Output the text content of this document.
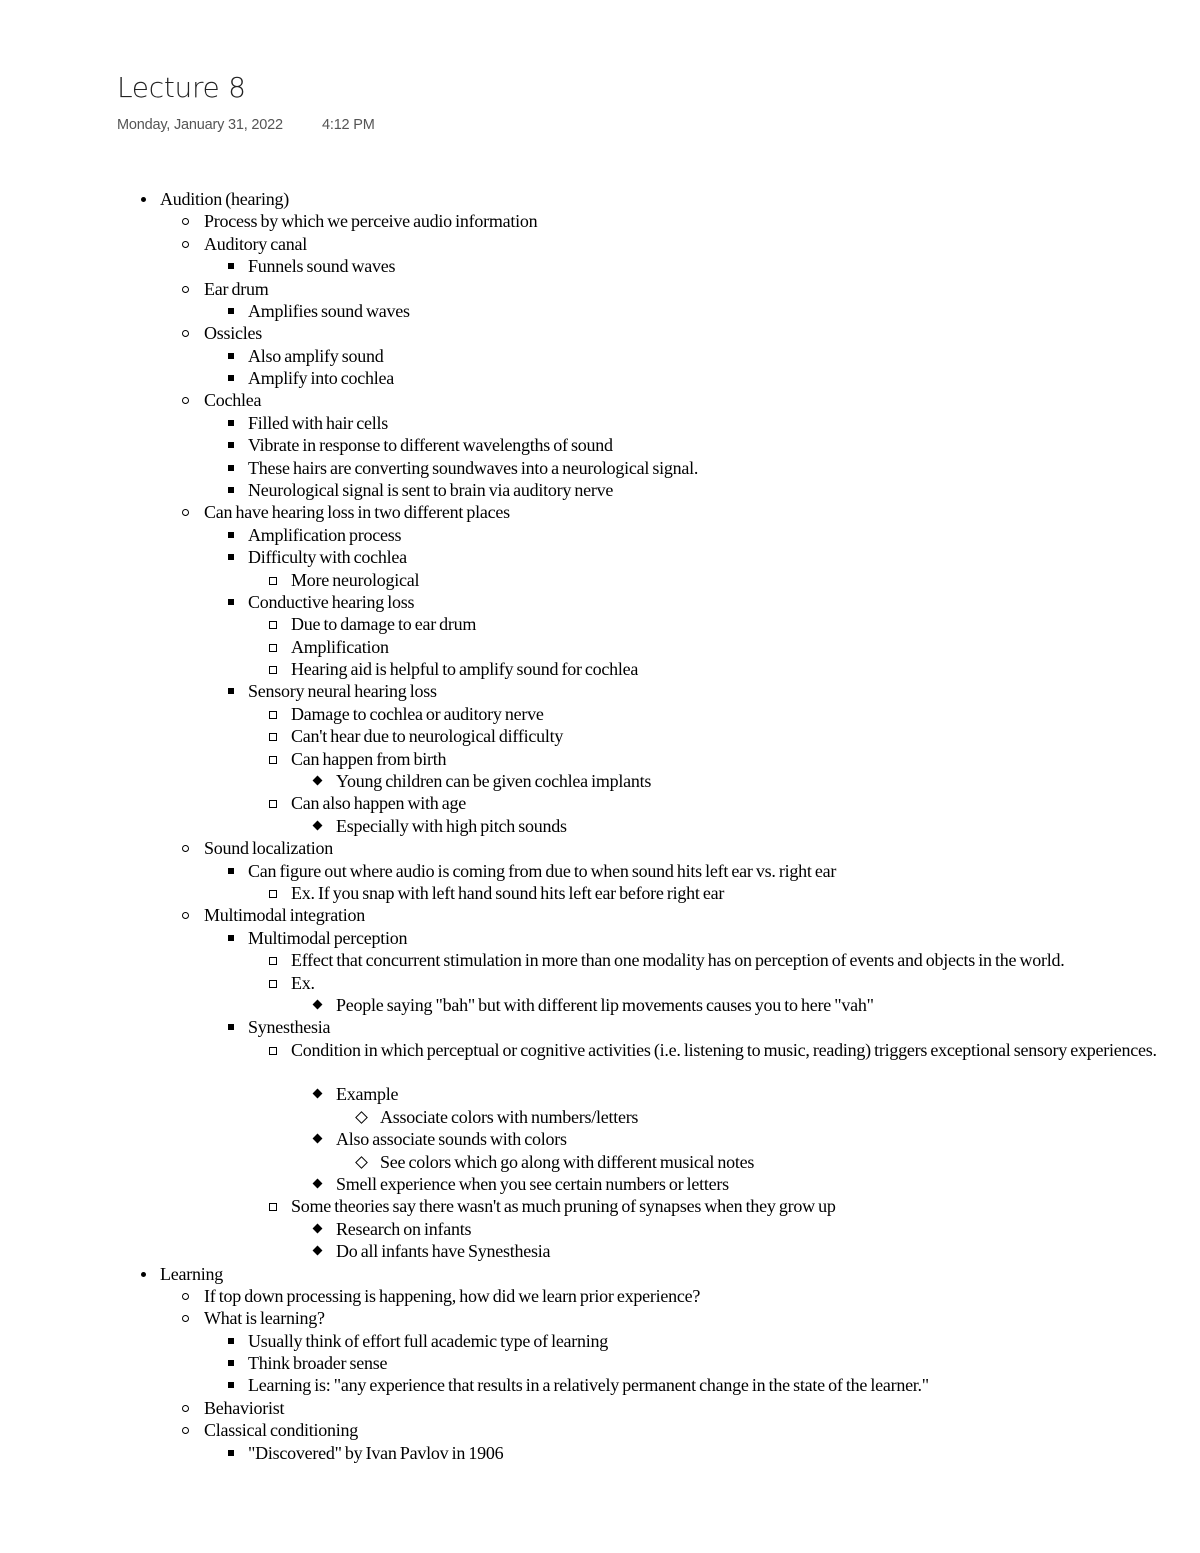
Lecture 8
Monday, January 31, 2022	4:12 PM
Audition (hearing)
Process by which we perceive audio information
Auditory canal
Funnels sound waves
Ear drum
Amplifies sound waves
Ossicles
Also amplify sound
Amplify into cochlea
Cochlea
Filled with hair cells
Vibrate in response to different wavelengths of sound
These hairs are converting soundwaves into a neurological signal.
Neurological signal is sent to brain via auditory nerve
Can have hearing loss in two different places
Amplification process
Difficulty with cochlea
More neurological
Conductive hearing loss
Due to damage to ear drum
Amplification
Hearing aid is helpful to amplify sound for cochlea
Sensory neural hearing loss
Damage to cochlea or auditory nerve
Can't hear due to neurological difficulty
Can happen from birth
Young children can be given cochlea implants
Can also happen with age
Especially with high pitch sounds
Sound localization
Can figure out where audio is coming from due to when sound hits left ear vs. right ear
Ex. If you snap with left hand sound hits left ear before right ear
Multimodal integration
Multimodal perception
Effect that concurrent stimulation in more than one modality has on perception of events and objects in the world.
Ex.
People saying "bah" but with different lip movements causes you to here "vah"
Synesthesia
Condition in which perceptual or cognitive activities (i.e. listening to music, reading) triggers exceptional sensory experiences.
Example
Associate colors with numbers/letters
Also associate sounds with colors
See colors which go along with different musical notes
Smell experience when you see certain numbers or letters
Some theories say there wasn't as much pruning of synapses when they grow up
Research on infants
Do all infants have Synesthesia
Learning
If top down processing is happening, how did we learn prior experience?
What is learning?
Usually think of effort full academic type of learning
Think broader sense
Learning is: "any experience that results in a relatively permanent change in the state of the learner."
Behaviorist
Classical conditioning
"Discovered" by Ivan Pavlov in 1906
